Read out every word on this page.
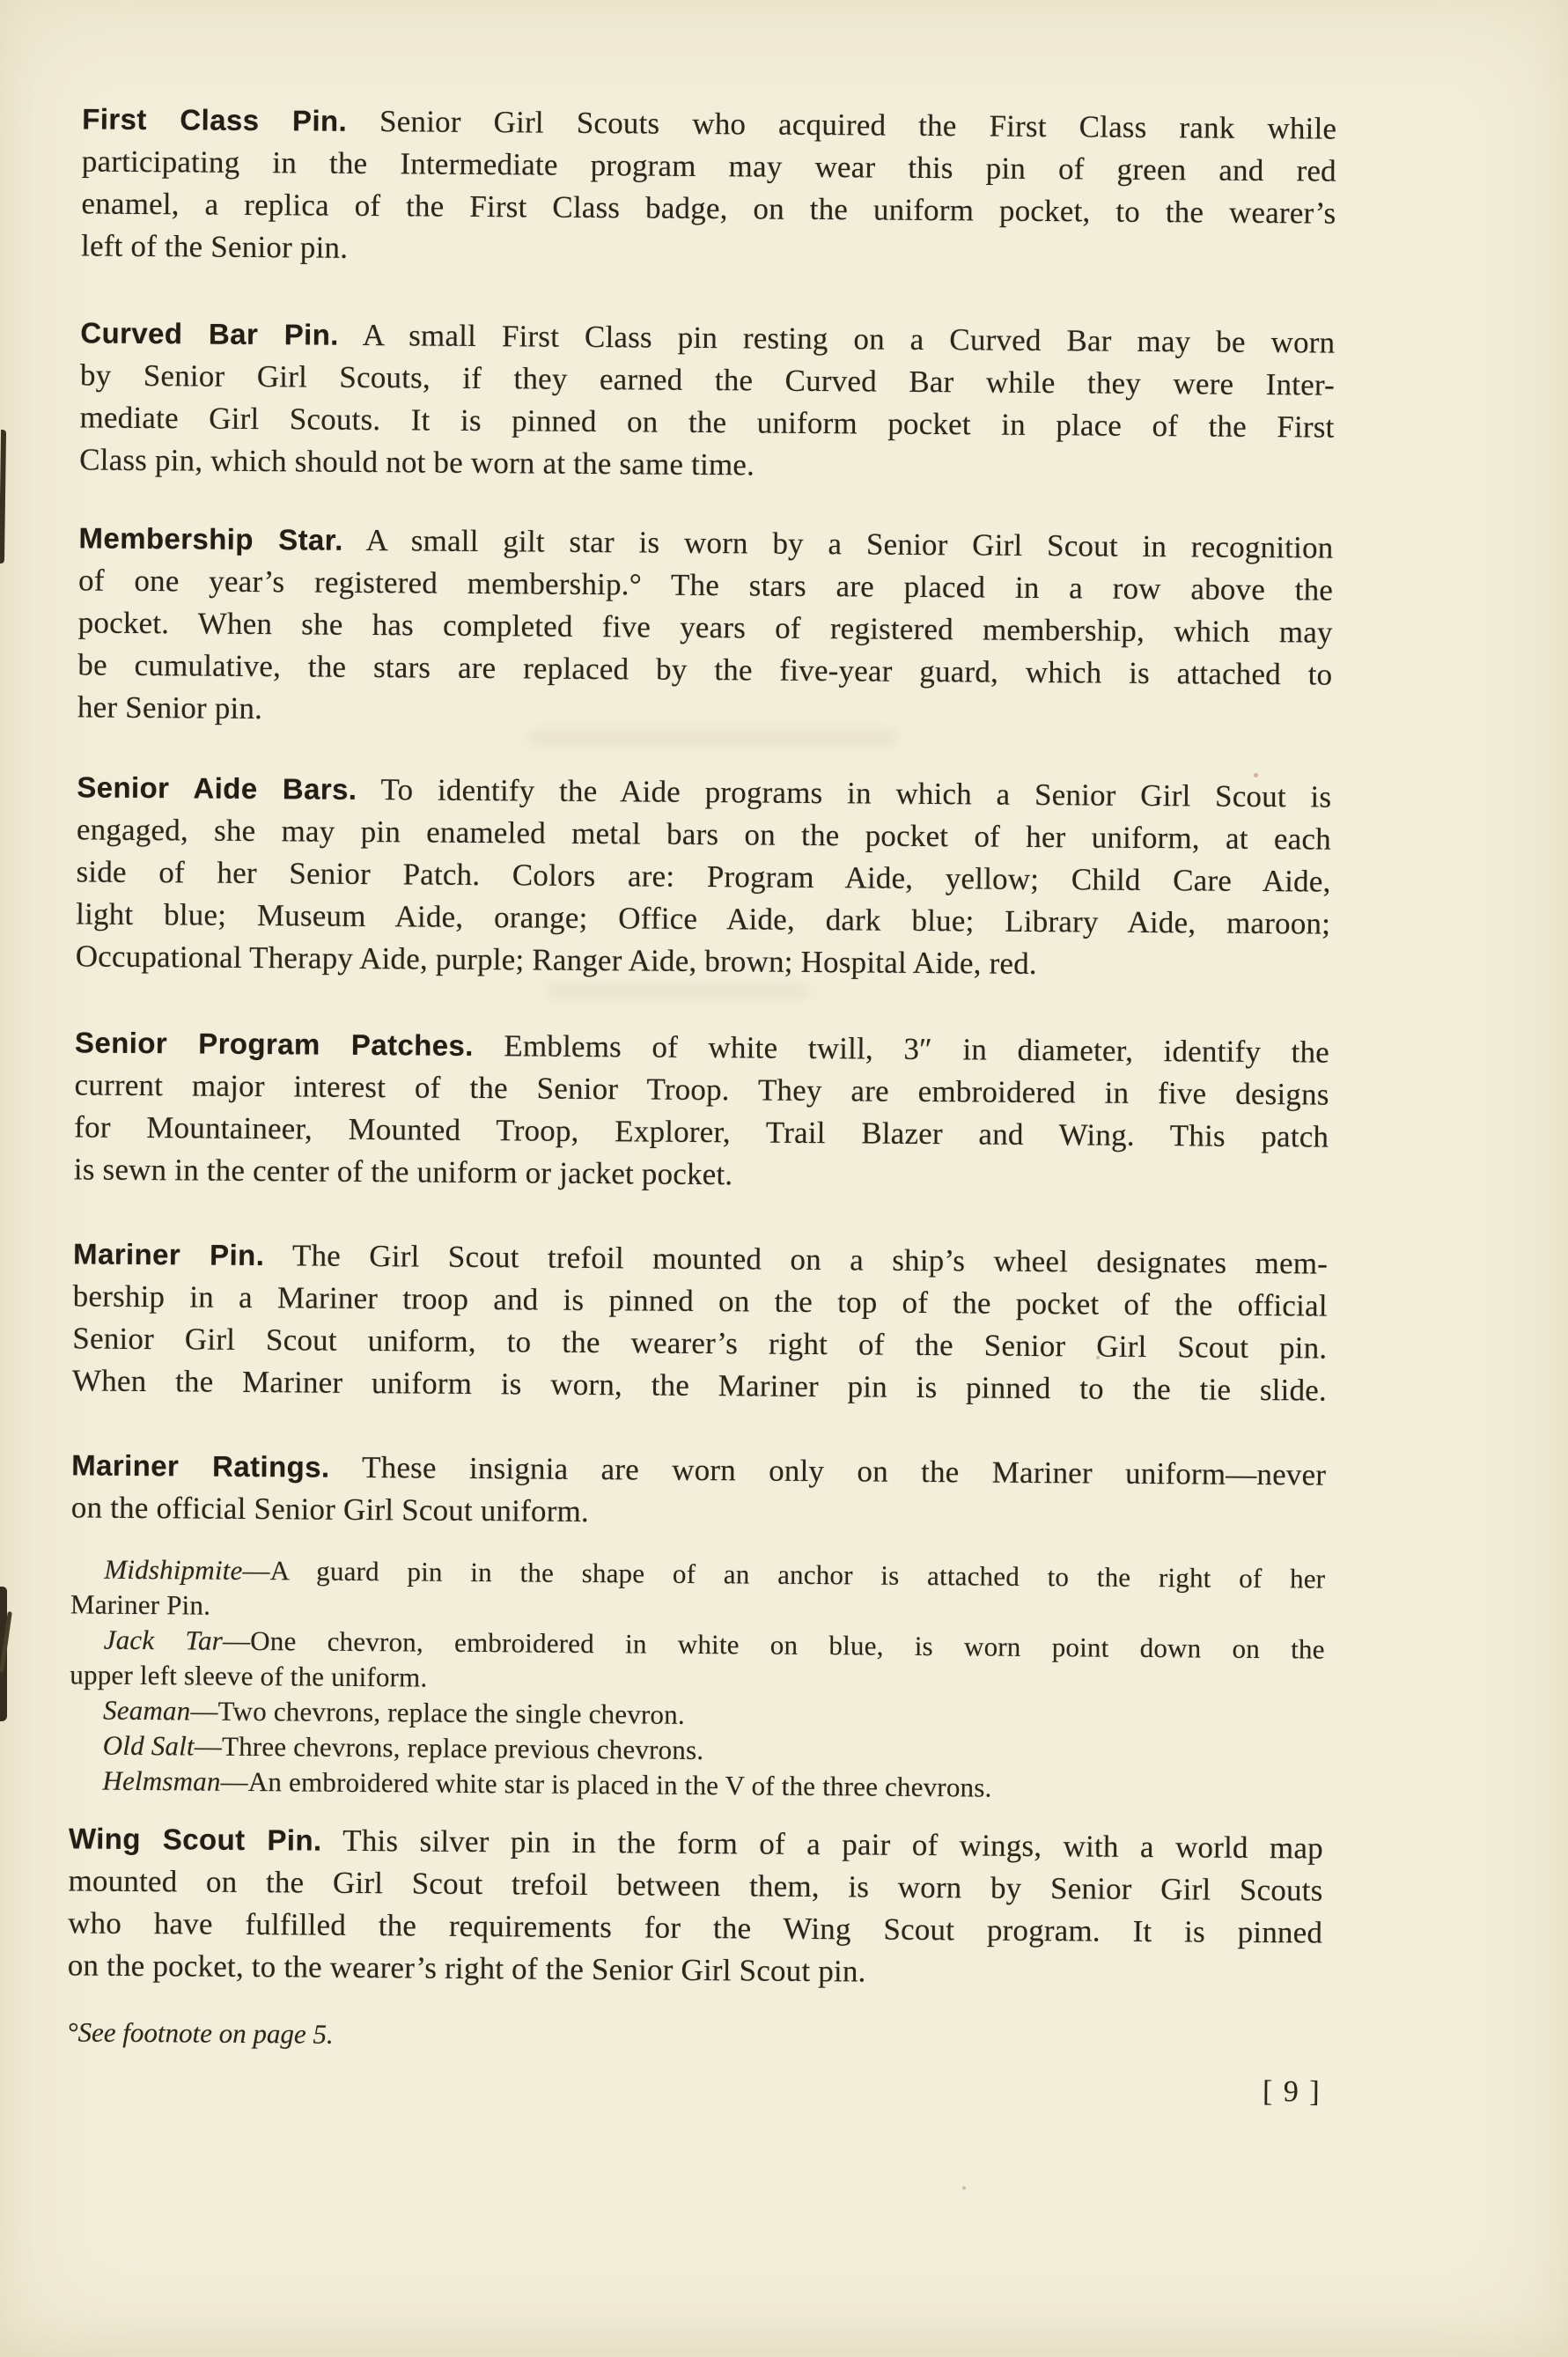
First Class Pin. Senior Girl Scouts who acquired the First Class rank while
participating in the Intermediate program may wear this pin of green and red
enamel, a replica of the First Class badge, on the uniform pocket, to the wearer’s
left of the Senior pin.
Curved Bar Pin. A small First Class pin resting on a Curved Bar may be worn
by Senior Girl Scouts, if they earned the Curved Bar while they were Inter-
mediate Girl Scouts. It is pinned on the uniform pocket in place of the First
Class pin, which should not be worn at the same time.
Membership Star. A small gilt star is worn by a Senior Girl Scout in recognition
of one year’s registered membership.° The stars are placed in a row above the
pocket. When she has completed five years of registered membership, which may
be cumulative, the stars are replaced by the five-year guard, which is attached to
her Senior pin.
Senior Aide Bars. To identify the Aide programs in which a Senior Girl Scout is
engaged, she may pin enameled metal bars on the pocket of her uniform, at each
side of her Senior Patch. Colors are: Program Aide, yellow; Child Care Aide,
light blue; Museum Aide, orange; Office Aide, dark blue; Library Aide, maroon;
Occupational Therapy Aide, purple; Ranger Aide, brown; Hospital Aide, red.
Senior Program Patches. Emblems of white twill, 3″ in diameter, identify the
current major interest of the Senior Troop. They are embroidered in five designs
for Mountaineer, Mounted Troop, Explorer, Trail Blazer and Wing. This patch
is sewn in the center of the uniform or jacket pocket.
Mariner Pin. The Girl Scout trefoil mounted on a ship’s wheel designates mem-
bership in a Mariner troop and is pinned on the top of the pocket of the official
Senior Girl Scout uniform, to the wearer’s right of the Senior Girl Scout pin.
When the Mariner uniform is worn, the Mariner pin is pinned to the tie slide.
Mariner Ratings. These insignia are worn only on the Mariner uniform—never
on the official Senior Girl Scout uniform.
Midshipmite—A guard pin in the shape of an anchor is attached to the right of her
Mariner Pin.
Jack Tar—One chevron, embroidered in white on blue, is worn point down on the
upper left sleeve of the uniform.
Seaman—Two chevrons, replace the single chevron.
Old Salt—Three chevrons, replace previous chevrons.
Helmsman—An embroidered white star is placed in the V of the three chevrons.
Wing Scout Pin. This silver pin in the form of a pair of wings, with a world map
mounted on the Girl Scout trefoil between them, is worn by Senior Girl Scouts
who have fulfilled the requirements for the Wing Scout program. It is pinned
on the pocket, to the wearer’s right of the Senior Girl Scout pin.
°See footnote on page 5.
[ 9 ]
